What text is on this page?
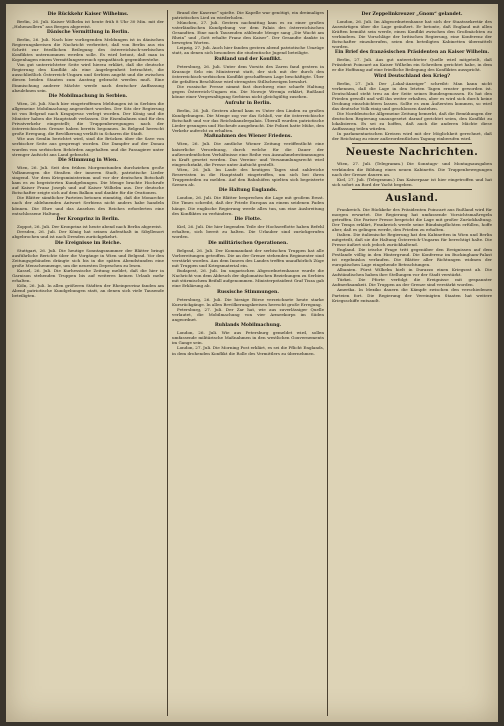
Die Rückkehr Kaiser Wilhelms.
Berlin, 26. Juli. Kaiser Wilhelm ist heute früh 8 Uhr 30 Min. mit der „Hohenzollern“ aus Bergen abgereist.
Dänische Vermittlung in Berlin.
Berlin, 26. Juli. Nach hier vorliegenden Meldungen ist in dänischen Regierungskreisen die Nachricht verbreitet, daß von Berlin aus ein Schritt zur friedlichen Beilegung des österreichisch-serbischen Konfliktes unternommen werden solle. Es wird betont, daß man in Kopenhagen einem Vermittlungsversuch sympathisch gegenüberstehe.
Von gut unterrichteter Seite wird hierzu erklärt, daß die deutsche Regierung den Konflikt als eine Angelegenheit betrachtet, die ausschließlich Österreich-Ungarn und Serbien angeht und die zwischen diesen beiden Staaten zum Austrag gebracht werden muß. Eine Einmischung anderer Mächte werde nach deutscher Auffassung abzulehnen sein.
Die Mobilmachung in Serbien.
Wien, 26. Juli. Nach hier eingetroffenen Meldungen ist in Serbien die allgemeine Mobilmachung angeordnet worden. Der Sitz der Regierung ist von Belgrad nach Kragujevac verlegt worden. Der König und die Minister haben die Hauptstadt verlassen. Die Eisenbahnen sind für den Privatverkehr eingestellt; die Truppenbewegungen nach der österreichischen Grenze haben bereits begonnen. In Belgrad herrscht große Erregung, die Bevölkerung verläßt in Scharen die Stadt.
Wie aus Semlin berichtet wird, sind die Brücken über die Save von serbischer Seite aus gesprengt worden. Die Dampfer auf der Donau wurden von serbischen Behörden angehalten und die Passagiere unter strenger Aufsicht ans Land gebracht.
Die Stimmung in Wien.
Wien, 26. Juli. Seit den frühen Morgenstunden durchziehen große Volksmengen die Straßen der inneren Stadt, patriotische Lieder singend. Vor dem Kriegsministerium und vor der deutschen Botschaft kam es zu begeisterten Kundgebungen. Die Menge brachte Hochrufe auf Kaiser Franz Joseph und auf Kaiser Wilhelm aus. Der deutsche Botschafter zeigte sich auf dem Balkon und dankte für die Ovationen.
Die Blätter sämtlicher Parteien betonen einmütig, daß die Monarchie nach der ablehnenden Antwort Serbiens nicht anders habe handeln können. Die Ehre und das Ansehen des Reiches erforderten eine entschlossene Haltung.
Der Kronprinz in Berlin.
Zoppot, 26. Juli. Der Kronprinz ist heute abend nach Berlin abgereist.
Dresden, 26. Juli. Der König hat seinen Aufenthalt in Sibyllenort abgebrochen und ist nach Dresden zurückgekehrt.
Die Ereignisse im Reiche.
Stuttgart, 26. Juli. Die heutige Sonntagsnummer der Blätter bringt ausführliche Berichte über die Vorgänge in Wien und Belgrad. Vor den Zeitungsgebäuden drängte sich bis in die späten Abendstunden eine große Menschenmenge, um die neuesten Depeschen zu lesen.
Kassel, 26. Juli. Die Kurhessische Zeitung meldet, daß die hier in Garnison stehenden Truppen bis auf weiteres keinen Urlaub mehr erhalten.
Köln, 26. Juli. In allen größeren Städten der Rheinprovinz fanden am Abend patriotische Kundgebungen statt, an denen sich viele Tausende beteiligten.
Brand der Kaserne“ spielte. Die Kapelle war genötigt, ein dreimaliges patriotisches Lied zu wiederholen.
München, 27. Juli. Gestern nachmittag kam es zu einer großen vaterländischen Kundgebung vor dem Palais des österreichischen Gesandten. Eine nach Tausenden zählende Menge sang „Die Wacht am Rhein“ und „Gott erhalte Franz den Kaiser“. Der Gesandte dankte in bewegten Worten.
Leipzig, 27. Juli. Auch hier fanden gestern abend patriotische Umzüge statt, an denen sich besonders die studentische Jugend beteiligte.
Rußland und der Konflikt.
Petersburg, 26. Juli. Unter dem Vorsitz des Zaren fand gestern in Krasnoje Selo ein Ministerrat statt, der sich mit der durch den österreichisch-serbischen Konflikt geschaffenen Lage beschäftigte. Über die gefaßten Beschlüsse wird strengstes Stillschweigen bewahrt.
Die russische Presse nimmt fast durchweg eine scharfe Haltung gegen Österreich-Ungarn ein. Die Nowoje Wremja erklärt, Rußland könne einer Vergewaltigung Serbiens nicht gleichgültig zusehen.
Aufruhr in Berlin.
Berlin, 26. Juli. Gestern abend kam es Unter den Linden zu großen Kundgebungen. Die Menge zog vor das Schloß, vor die österreichische Botschaft und vor das Reichskanzlerpalais. Überall wurden patriotische Lieder gesungen und Hochrufe ausgebracht. Die Polizei hatte Mühe, den Verkehr aufrecht zu erhalten.
Maßnahmen des Wiener Friedens.
Wien, 26. Juli. Die amtliche Wiener Zeitung veröffentlicht eine kaiserliche Verordnung, durch welche für die Dauer der außerordentlichen Verhältnisse eine Reihe von Ausnahmebestimmungen in Kraft gesetzt werden. Das Vereins- und Versammlungsrecht wird eingeschränkt, die Presse unter Aufsicht gestellt.
Wien, 26. Juli. Im Laufe des heutigen Tages sind zahlreiche Reservisten in die Hauptstadt eingetroffen, um sich bei ihren Truppenteilen zu melden. Auf den Bahnhöfen spielten sich begeisterte Szenen ab.
Die Haltung Englands.
London, 26. Juli. Die Blätter besprechen die Lage mit großem Ernst. Die Times schreibt, daß der Friede Europas an einem seidenen Faden hänge. Die englische Regierung werde alles tun, um eine Ausbreitung des Konfliktes zu verhindern.
Die Flotte.
Kiel, 26. Juli. Die hier liegenden Teile der Hochseeflotte haben Befehl erhalten, sich bereit zu halten. Die Urlauber sind zurückgerufen worden.
Die militärischen Operationen.
Belgrad, 26. Juli. Der Kommandant der serbischen Truppen hat alle Vorbereitungen getroffen. Die an der Grenze stehenden Regimenter sind verstärkt worden. Aus dem Innern des Landes treffen unaufhörlich Züge mit Truppen und Kriegsmaterial ein.
Budapest, 26. Juli. Im ungarischen Abgeordnetenhause wurde die Nachricht von dem Abbruch der diplomatischen Beziehungen zu Serbien mit stürmischem Beifall aufgenommen. Ministerpräsident Graf Tisza gab eine Erklärung ab.
Russische Stimmungen.
Petersburg, 26. Juli. Die hiesige Börse verzeichnete heute starke Kursrückgänge. In allen Bevölkerungskreisen herrscht große Erregung.
Petersburg, 27. Juli. Der Zar hat, wie aus zuverlässiger Quelle verlautet, die Mobilmachung von vier Armeekorps im Süden angeordnet.
Ruhlands Mobilmachung.
London, 26. Juli. Wie aus Petersburg gemeldet wird, sollen umfassende militärische Maßnahmen in den westlichen Gouvernements im Gange sein.
London, 27. Juli. Die Morning Post erklärt, es sei die Pflicht Englands, in dem drohenden Konflikt die Rolle des Vermittlers zu übernehmen.
Der Zeppelinkreuzer „Gnom“ gelandet.
London, 26. Juli. Im Abgeordnetenhause hat sich der Staatssekretär des Auswärtigen über die Lage geäußert. Er betonte, daß England mit allen Kräften bemüht sein werde, einen Konflikt zwischen den Großmächten zu verhindern. Die Vorschläge der britischen Regierung, eine Konferenz der Botschafter einzuberufen, seien den beteiligten Kabinetten übermittelt worden.
Ein Brief des französischen Präsidenten an Kaiser Wilhelm.
Berlin, 27. Juli. Aus gut unterrichteter Quelle wird mitgeteilt, daß Präsident Poincaré an Kaiser Wilhelm ein Schreiben gerichtet habe, in dem er die Hoffnung auf eine friedliche Beilegung des Konfliktes ausspricht.
Wird Deutschland den Krieg?
Berlin, 27. Juli. Der „Lokal-Anzeiger“ schreibt: Man kann nicht verkennen, daß die Lage in den letzten Tagen ernster geworden ist. Deutschland steht treu an der Seite seines Bundesgenossen. Es hat den Frieden gewollt und will ihn weiter erhalten, aber es wird sich durch keine Drohung einschüchtern lassen. Sollte es zum Äußersten kommen, so wird das deutsche Volk einig und geschlossen dastehen.
Die Norddeutsche Allgemeine Zeitung bemerkt, daß die Bemühungen der deutschen Regierung unausgesetzt darauf gerichtet seien, den Konflikt zu lokalisieren. Es sei zu hoffen, daß auch die anderen Mächte diese Auffassung teilen würden.
In parlamentarischen Kreisen wird mit der Möglichkeit gerechnet, daß der Reichstag zu einer außerordentlichen Tagung einberufen wird.
Neueste Nachrichten.
Wien, 27. Juli. (Telegramm.) Die Sonntags- und Montagsausgaben verkünden die Bildung eines neuen Kabinetts. Die Truppenbewegungen nach der Grenze dauern an.
Kiel, 27. Juli. (Telegramm.) Das Kaiserpaar ist hier eingetroffen und hat sich sofort an Bord der Yacht begeben.
Ausland.
Frankreich. Die Rückkehr des Präsidenten Poincaré aus Rußland wird für morgen erwartet. Die Regierung hat umfassende Vorsichtsmaßregeln getroffen. Die Pariser Presse bespricht die Lage mit großer Zurückhaltung. Der Temps erklärt, Frankreich werde seine Bündnispflichten erfüllen, hoffe aber, daß es gelingen werde, den Frieden zu erhalten.
Italien. Die italienische Regierung hat den Kabinetten in Wien und Berlin mitgeteilt, daß sie die Haltung Österreich-Ungarns für berechtigt halte. Die Presse äußert sich jedoch zurückhaltend.
England. Die irische Frage tritt gegenüber den Ereignissen auf dem Festlande völlig in den Hintergrund. Die Konferenz im Buckingham-Palast ist ergebnislos verlaufen. Die Blätter aller Richtungen widmen der europäischen Lage eingehende Betrachtungen.
Albanien. Fürst Wilhelm hielt in Durazzo einen Kriegsrat ab. Die Aufständischen haben ihre Stellungen vor der Stadt verstärkt.
Türkei. Die Pforte verfolgt die Ereignisse mit gespannter Aufmerksamkeit. Die Truppen an der Grenze sind verstärkt worden.
Amerika. In Mexiko dauern die Kämpfe zwischen den verschiedenen Parteien fort. Die Regierung der Vereinigten Staaten hat weitere Kriegsschiffe entsandt.
